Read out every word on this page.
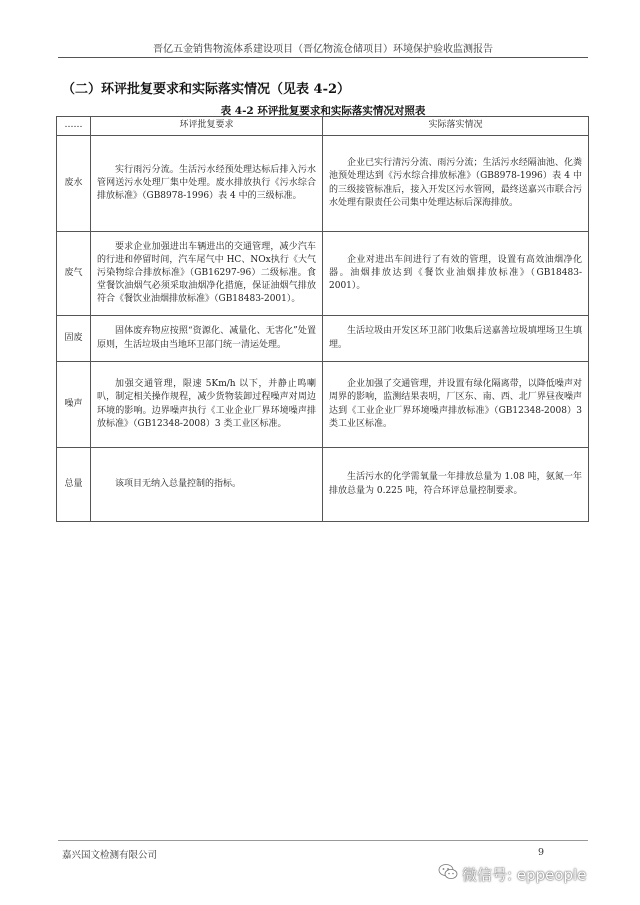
晋亿五金销售物流体系建设项目（晋亿物流仓储项目）环境保护验收监测报告
（二）环评批复要求和实际落实情况（见表 4-2）
表 4-2 环评批复要求和实际落实情况对照表
……	环评批复要求	实际落实情况
废水	实行雨污分流。生活污水经预处理达标后排入污水管网送污水处理厂集中处理。废水排放执行《污水综合排放标准》（GB8978-1996）表 4 中的三级标准。	企业已实行清污分流、雨污分流；生活污水经隔油池、化粪池预处理达到《污水综合排放标准》（GB8978-1996）表 4 中的三级接管标准后，接入开发区污水管网，最终送嘉兴市联合污水处理有限责任公司集中处理达标后深海排放。
废气	要求企业加强进出车辆进出的交通管理，减少汽车的行进和停留时间，汽车尾气中 HC、NOx执行《大气污染物综合排放标准》（GB16297-96）二级标准。食堂餐饮油烟气必须采取油烟净化措施，保证油烟气排放符合《餐饮业油烟排放标准》（GB18483-2001）。	企业对进出车间进行了有效的管理，设置有高效油烟净化器。油烟排放达到《餐饮业油烟排放标准》（GB18483-2001）。
固废	固体废弃物应按照“资源化、减量化、无害化”处置原则，生活垃圾由当地环卫部门统一清运处理。	生活垃圾由开发区环卫部门收集后送嘉善垃圾填埋场卫生填埋。
噪声	加强交通管理，限速 5Km/h 以下，并静止鸣喇叭，制定相关操作规程，减少货物装卸过程噪声对周边环境的影响。边界噪声执行《工业企业厂界环境噪声排放标准》（GB12348-2008）3 类工业区标准。	企业加强了交通管理，并设置有绿化隔离带，以降低噪声对周界的影响，监测结果表明，厂区东、南、西、北厂界昼夜噪声达到《工业企业厂界环境噪声排放标准》（GB12348-2008）3 类工业区标准。
总量	该项目无纳入总量控制的指标。	生活污水的化学需氧量一年排放总量为 1.08 吨，氨氮一年排放总量为 0.225 吨，符合环评总量控制要求。
嘉兴国文检测有限公司	9
微信号: eppeople
